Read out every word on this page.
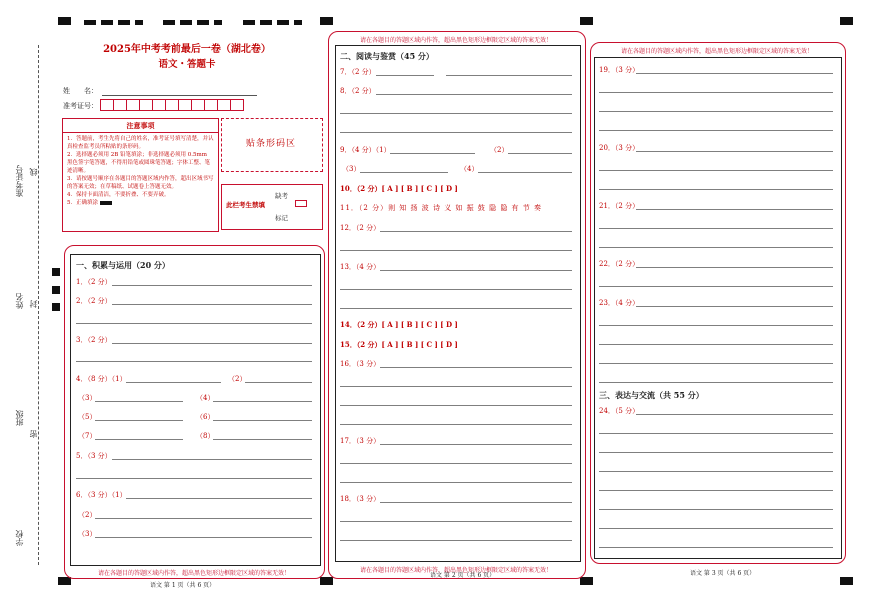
准考证号 线
姓名 封
班级
密
学校
2025年中考考前最后一卷（湖北卷）
语文・答题卡
姓　　名：
准考证号：
注意事项
1．答题前，考生先将自己的姓名，准考证号填写清楚，并认真检查监考员所粘贴的条形码。
2．选择题必须用 2B 铅笔填涂；非选择题必须用 0.5mm 黑色签字笔答题，不得用铅笔或圆珠笔答题；字体工整、笔迹清晰。
3．请按题号顺序在各题目的答题区域内作答，超出区域书写的答案无效；在草稿纸、试题卷上答题无效。
4．保持卡面清洁，不要折叠、不要弄破。
5．正确填涂
贴条形码区
此栏考生禁填
缺考
标记
一、积累与运用（20 分）
1．（2 分）
2．（2 分）
3．（2 分）
4．（8 分）（1）	（2）
（3）	（4）
（5）	（6）
（7）	（8）
5．（3 分）
6．（3 分）（1）
（2）
（3）
请在各题目的答题区域内作答，超出黑色矩形边框限定区域的答案无效！
语文 第 1 页（共 6 页）
请在各题目的答题区域内作答，超出黑色矩形边框限定区域的答案无效！
二、阅读与鉴赏（45 分）
7．（2 分）
8．（2 分）
9．（4 分）（1）	（2）
（3）	（4）
10．（2 分）[ A ] [ B ] [ C ] [ D ]
11．（2 分）则 知 扬 波 诗 义 如 振 鼓 隐 隐 有 节 奏
12．（2 分）
13．（4 分）
14．（2 分）[ A ] [ B ] [ C ] [ D ]
15．（2 分）[ A ] [ B ] [ C ] [ D ]
16．（3 分）
17．（3 分）
18．（3 分）
请在各题目的答题区域内作答，超出黑色矩形边框限定区域的答案无效！
语文 第 2 页（共 6 页）
请在各题目的答题区域内作答，超出黑色矩形边框限定区域的答案无效！
19．（3 分）
20．（3 分）
21．（2 分）
22．（2 分）
23．（4 分）
三、表达与交流（共 55 分）
24．（5 分）
语文 第 3 页（共 6 页）
